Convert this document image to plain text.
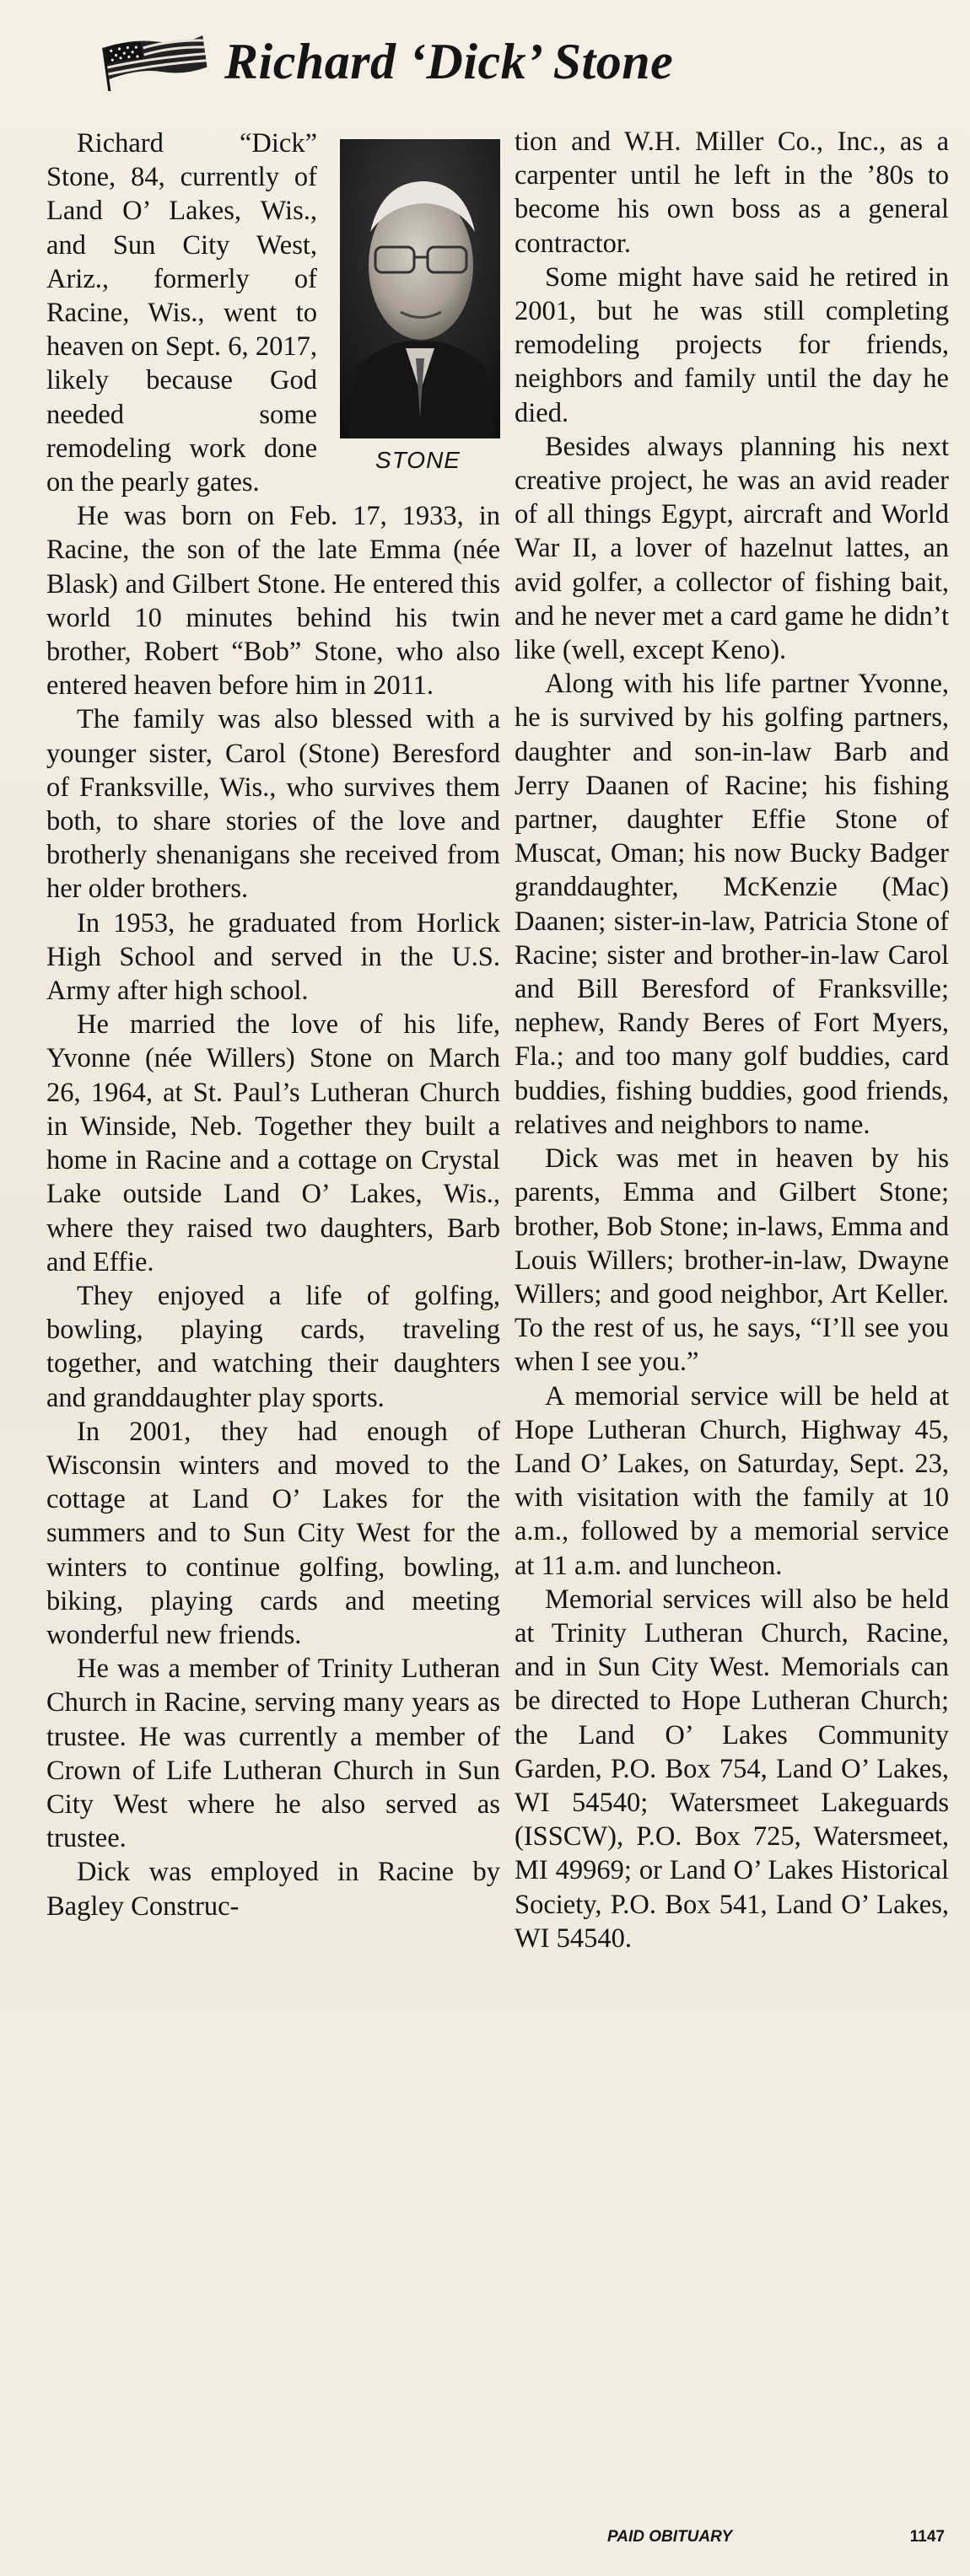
Richard ‘Dick’ Stone
STONE

Richard “Dick” Stone, 84, currently of Land O’ Lakes, Wis., and Sun City West, Ariz., formerly of Racine, Wis., went to heaven on Sept. 6, 2017, likely because God needed some remodeling work done on the pearly gates.

He was born on Feb. 17, 1933, in Racine, the son of the late Emma (née Blask) and Gilbert Stone. He entered this world 10 minutes behind his twin brother, Robert “Bob” Stone, who also entered heaven before him in 2011.

The family was also blessed with a younger sister, Carol (Stone) Beresford of Franksville, Wis., who survives them both, to share stories of the love and brotherly shenanigans she received from her older brothers.

In 1953, he graduated from Horlick High School and served in the U.S. Army after high school.

He married the love of his life, Yvonne (née Willers) Stone on March 26, 1964, at St. Paul’s Lutheran Church in Winside, Neb. Together they built a home in Racine and a cottage on Crystal Lake outside Land O’ Lakes, Wis., where they raised two daughters, Barb and Effie.

They enjoyed a life of golfing, bowling, playing cards, traveling together, and watching their daughters and granddaughter play sports.

In 2001, they had enough of Wisconsin winters and moved to the cottage at Land O’ Lakes for the summers and to Sun City West for the winters to continue golfing, bowling, biking, playing cards and meeting wonderful new friends.

He was a member of Trinity Lutheran Church in Racine, serving many years as trustee. He was currently a member of Crown of Life Lutheran Church in Sun City West where he also served as trustee.

Dick was employed in Racine by Bagley Construc-

tion and W.H. Miller Co., Inc., as a carpenter until he left in the ’80s to become his own boss as a general contractor.

Some might have said he retired in 2001, but he was still completing remodeling projects for friends, neighbors and family until the day he died.

Besides always planning his next creative project, he was an avid reader of all things Egypt, aircraft and World War II, a lover of hazelnut lattes, an avid golfer, a collector of fishing bait, and he never met a card game he didn’t like (well, except Keno).

Along with his life partner Yvonne, he is survived by his golfing partners, daughter and son-in-law Barb and Jerry Daanen of Racine; his fishing partner, daughter Effie Stone of Muscat, Oman; his now Bucky Badger granddaughter, McKenzie (Mac) Daanen; sister-in-law, Patricia Stone of Racine; sister and brother-in-law Carol and Bill Beresford of Franksville; nephew, Randy Beres of Fort Myers, Fla.; and too many golf buddies, card buddies, fishing buddies, good friends, relatives and neighbors to name.

Dick was met in heaven by his parents, Emma and Gilbert Stone; brother, Bob Stone; in-laws, Emma and Louis Willers; brother-in-law, Dwayne Willers; and good neighbor, Art Keller. To the rest of us, he says, “I’ll see you when I see you.”

A memorial service will be held at Hope Lutheran Church, Highway 45, Land O’ Lakes, on Saturday, Sept. 23, with visitation with the family at 10 a.m., followed by a memorial service at 11 a.m. and luncheon.

Memorial services will also be held at Trinity Lutheran Church, Racine, and in Sun City West. Memorials can be directed to Hope Lutheran Church; the Land O’ Lakes Community Garden, P.O. Box 754, Land O’ Lakes, WI 54540; Watersmeet Lakeguards (ISSCW), P.O. Box 725, Watersmeet, MI 49969; or Land O’ Lakes Historical Society, P.O. Box 541, Land O’ Lakes, WI 54540.

PAID OBITUARY	1147
